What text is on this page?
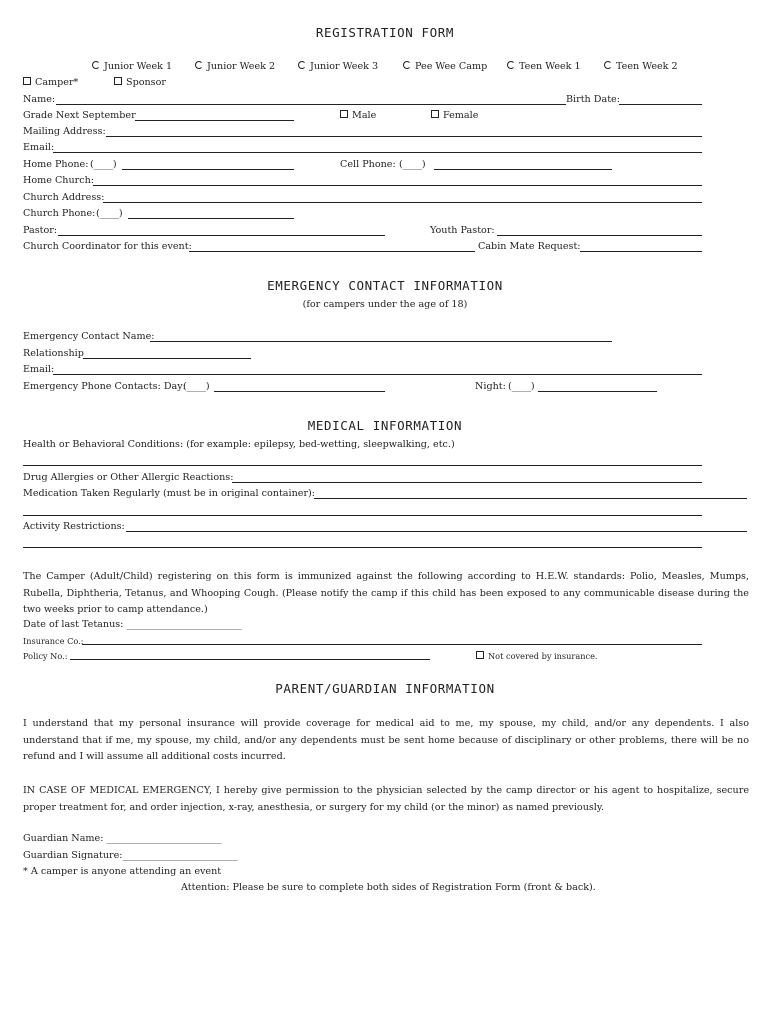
REGISTRATION FORM
Junior Week 1	Junior Week 2	Junior Week 3	Pee Wee Camp	Teen Week 1	Teen Week 2
Camper*	Sponsor
Name:	Birth Date:
Grade Next September	Male	Female
Mailing Address:
Email:
Home Phone: (____)	Cell Phone: (____)
Home Church:
Church Address:
Church Phone: (____)
Pastor:	Youth Pastor:
Church Coordinator for this event:	Cabin Mate Request:
EMERGENCY CONTACT INFORMATION
(for campers under the age of 18)
Emergency Contact Name:
Relationship
Email:
Emergency Phone Contacts: Day:
(____)	Night: (____)
MEDICAL INFORMATION
Health or Behavioral Conditions: (for example: epilepsy, bed-wetting, sleepwalking, etc.)
Drug Allergies or Other Allergic Reactions:
Medication Taken Regularly (must be in original container):
Activity Restrictions:
The Camper (Adult/Child) registering on this form is immunized against the following according to H.E.W. standards: Polio, Measles, Mumps, Rubella, Diphtheria, Tetanus, and Whooping Cough. (Please notify the camp if this child has been exposed to any communicable disease during the two weeks prior to camp attendance.)
Date of last Tetanus: ________________________
Insurance Co.:
Policy No.:	Not covered by insurance.
PARENT/GUARDIAN INFORMATION
I understand that my personal insurance will provide coverage for medical aid to me, my spouse, my child, and/or any dependents. I also understand that if me, my spouse, my child, and/or any dependents must be sent home because of disciplinary or other problems, there will be no refund and I will assume all additional costs incurred.
IN CASE OF MEDICAL EMERGENCY, I hereby give permission to the physician selected by the camp director or his agent to hospitalize, secure proper treatment for, and order injection, x-ray, anesthesia, or surgery for my child (or the minor) as named previously.
Guardian Name: ________________________
Guardian Signature:________________________
* A camper is anyone attending an event
Attention: Please be sure to complete both sides of Registration Form (front & back).
